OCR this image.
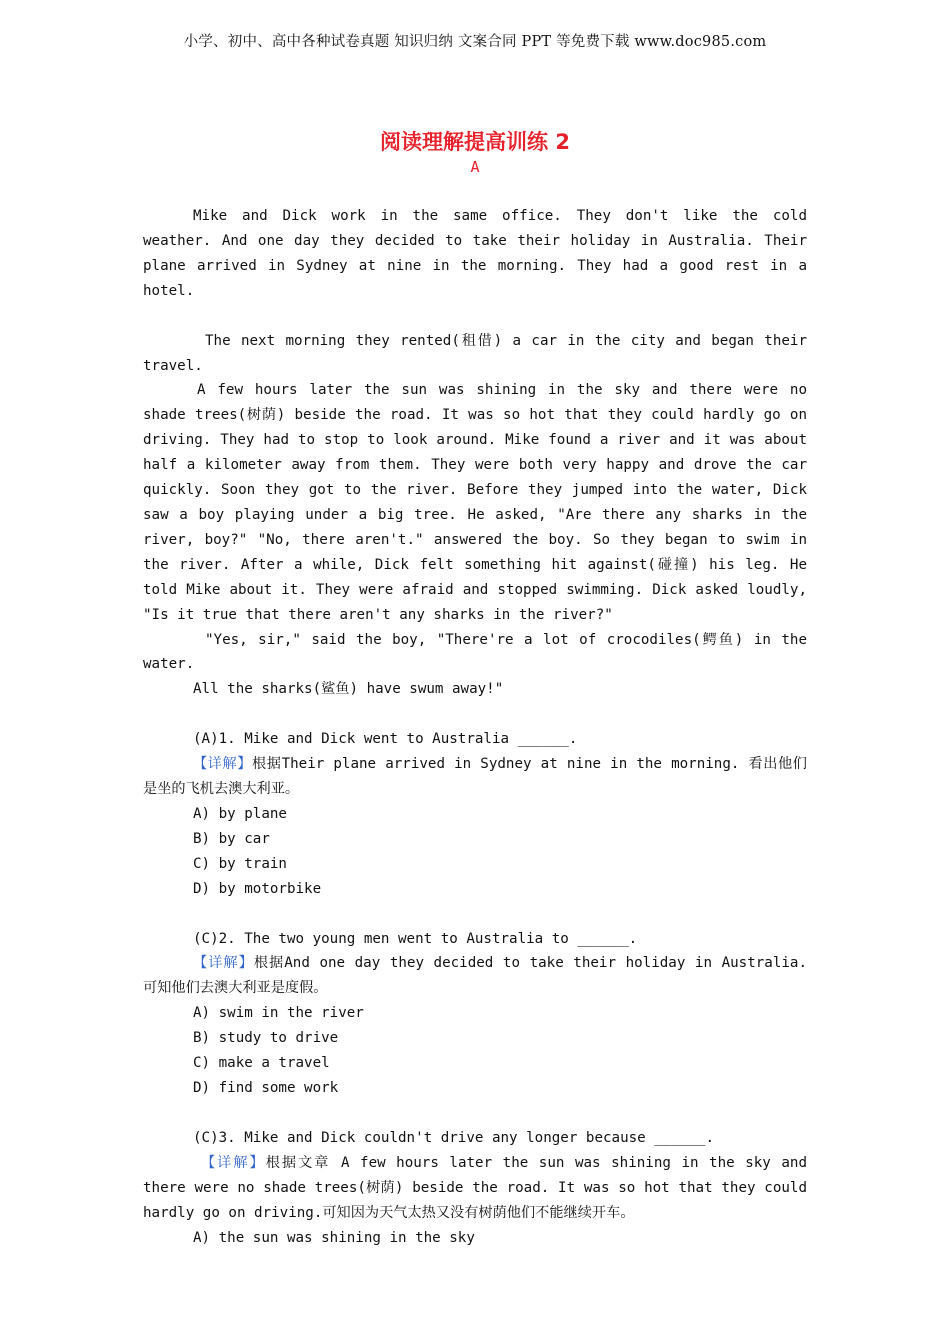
小学、初中、高中各种试卷真题 知识归纳 文案合同 PPT 等免费下载 www.doc985.com
阅读理解提高训练 2
A

Mike and Dick work in the same office. They don't like the cold weather. And one day they decided to take their holiday in Australia. Their plane arrived in Sydney at nine in the morning. They had a good rest in a hotel.

The next morning they rented(租借) a car in the city and began their travel.

A few hours later the sun was shining in the sky and there were no shade trees(树荫) beside the road. It was so hot that they could hardly go on driving. They had to stop to look around. Mike found a river and it was about half a kilometer away from them. They were both very happy and drove the car quickly. Soon they got to the river. Before they jumped into the water, Dick saw a boy playing under a big tree. He asked, "Are there any sharks in the river, boy?" "No, there aren't." answered the boy. So they began to swim in the river. After a while, Dick felt something hit against(碰撞) his leg. He told Mike about it. They were afraid and stopped swimming. Dick asked loudly, "Is it true that there aren't any sharks in the river?"

"Yes, sir," said the boy, "There're a lot of crocodiles(鳄鱼) in the water.

All the sharks(鲨鱼) have swum away!"

(A)1. Mike and Dick went to Australia ______.

【详解】根据Their plane arrived in Sydney at nine in the morning. 看出他们是坐的飞机去澳大利亚。

A) by plane

B) by car

C) by train

D) by motorbike

(C)2. The two young men went to Australia to ______.

【详解】根据And one day they decided to take their holiday in Australia. 可知他们去澳大利亚是度假。

A) swim in the river

B) study to drive

C) make a travel

D) find some work

(C)3. Mike and Dick couldn't drive any longer because ______.

【详解】根据文章 A few hours later the sun was shining in the sky and there were no shade trees(树荫) beside the road. It was so hot that they could hardly go on driving.可知因为天气太热又没有树荫他们不能继续开车。

A) the sun was shining in the sky
